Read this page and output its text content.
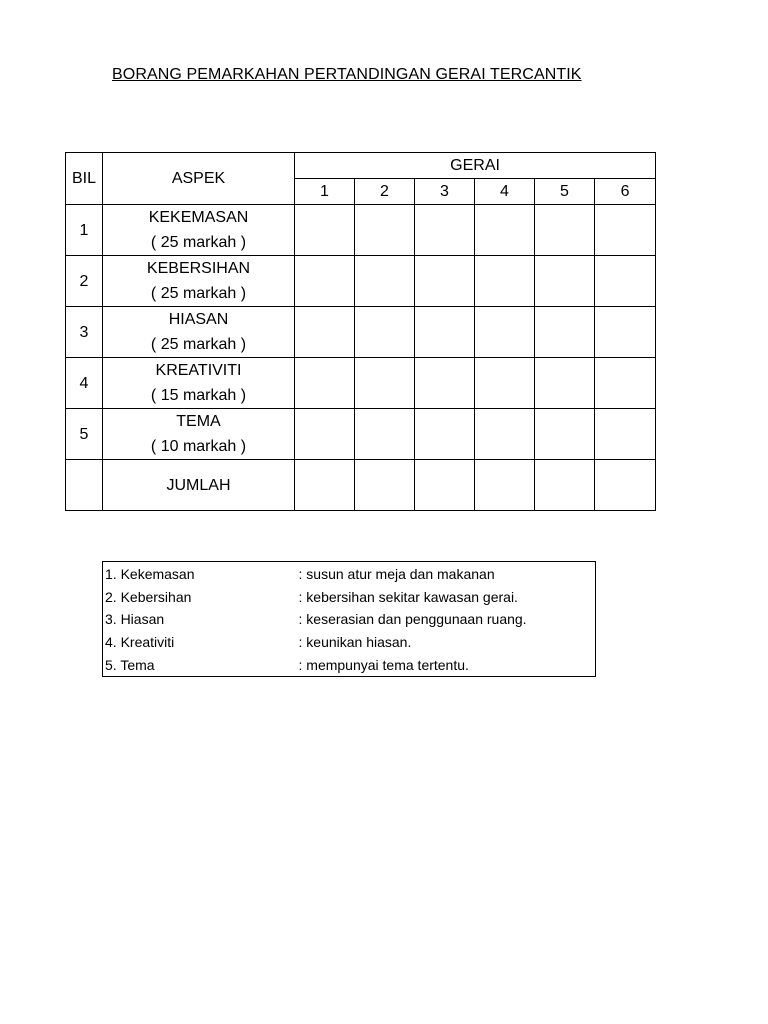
BORANG PEMARKAHAN PERTANDINGAN GERAI TERCANTIK
BIL	ASPEK	GERAI					
		1	2	3	4	5	6
1	KEKEMASAN
( 25 markah )						

2	KEBERSIHAN
( 25 markah )						

3	HIASAN
( 25 markah )						

4	KREATIVITI
( 15 markah )						

5	TEMA
( 10 markah )						

	JUMLAH						
1. Kekemasan	: susun atur meja dan makanan
2. Kebersihan	: kebersihan sekitar kawasan gerai.
3. Hiasan	: keserasian dan penggunaan ruang.
4. Kreativiti	: keunikan hiasan.
5. Tema	: mempunyai tema tertentu.
